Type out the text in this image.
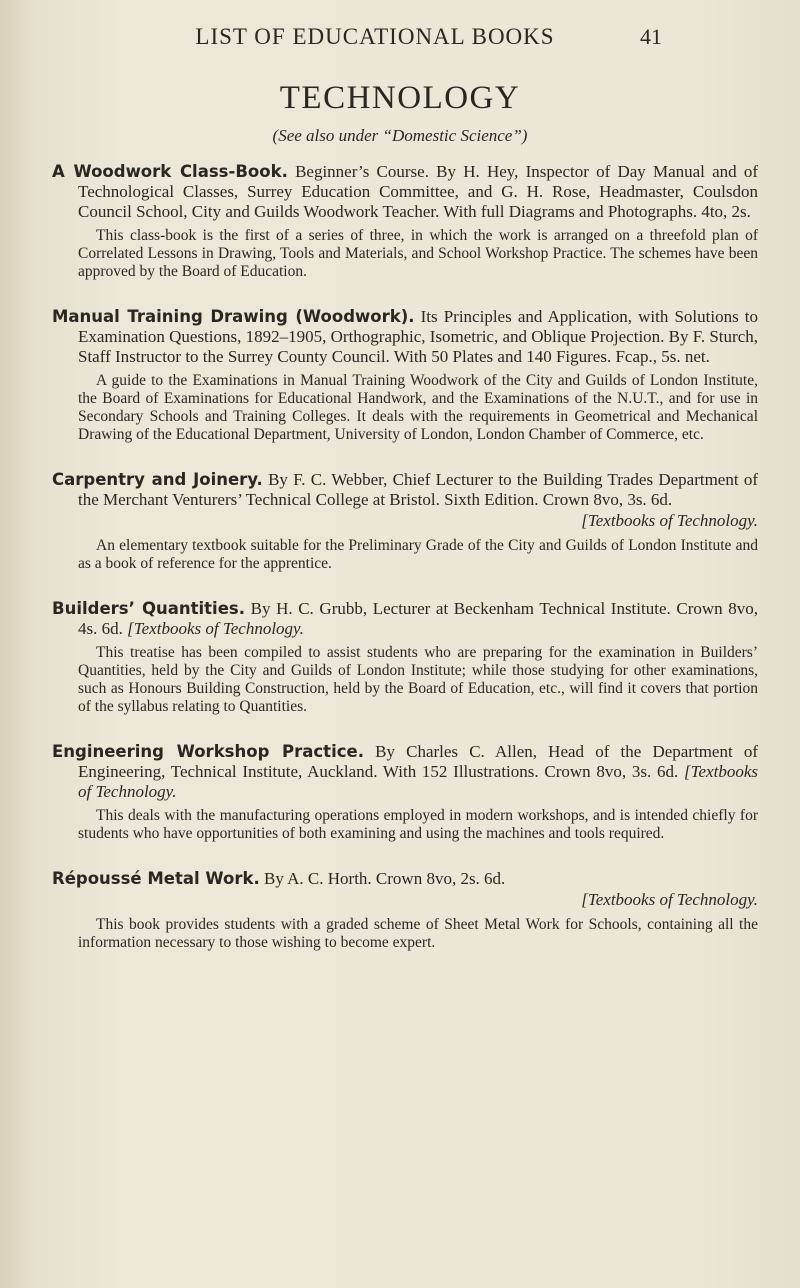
LIST OF EDUCATIONAL BOOKS	41
TECHNOLOGY
(See also under “Domestic Science”)

A Woodwork Class-Book. Beginner’s Course. By H. Hey, Inspector of Day Manual and of Technological Classes, Surrey Education Committee, and G. H. Rose, Headmaster, Coulsdon Council School, City and Guilds Woodwork Teacher. With full Diagrams and Photographs. 4to, 2s.

This class-book is the first of a series of three, in which the work is arranged on a threefold plan of Correlated Lessons in Drawing, Tools and Materials, and School Workshop Practice. The schemes have been approved by the Board of Education.

Manual Training Drawing (Woodwork). Its Principles and Application, with Solutions to Examination Questions, 1892–1905, Orthographic, Isometric, and Oblique Projection. By F. Sturch, Staff Instructor to the Surrey County Council. With 50 Plates and 140 Figures. Fcap., 5s. net.

A guide to the Examinations in Manual Training Woodwork of the City and Guilds of London Institute, the Board of Examinations for Educational Handwork, and the Examinations of the N.U.T., and for use in Secondary Schools and Training Colleges. It deals with the requirements in Geometrical and Mechanical Drawing of the Educational Department, University of London, London Chamber of Commerce, etc.

Carpentry and Joinery. By F. C. Webber, Chief Lecturer to the Building Trades Department of the Merchant Venturers’ Technical College at Bristol. Sixth Edition. Crown 8vo, 3s. 6d.

[Textbooks of Technology.

An elementary textbook suitable for the Preliminary Grade of the City and Guilds of London Institute and as a book of reference for the apprentice.

Builders’ Quantities. By H. C. Grubb, Lecturer at Beckenham Technical Institute. Crown 8vo, 4s. 6d. [Textbooks of Technology.

This treatise has been compiled to assist students who are preparing for the examination in Builders’ Quantities, held by the City and Guilds of London Institute; while those studying for other examinations, such as Honours Building Construction, held by the Board of Education, etc., will find it covers that portion of the syllabus relating to Quantities.

Engineering Workshop Practice. By Charles C. Allen, Head of the Department of Engineering, Technical Institute, Auckland. With 152 Illustrations. Crown 8vo, 3s. 6d. [Textbooks of Technology.

This deals with the manufacturing operations employed in modern workshops, and is intended chiefly for students who have opportunities of both examining and using the machines and tools required.

Répoussé Metal Work. By A. C. Horth. Crown 8vo, 2s. 6d.

[Textbooks of Technology.

This book provides students with a graded scheme of Sheet Metal Work for Schools, containing all the information necessary to those wishing to become expert.
